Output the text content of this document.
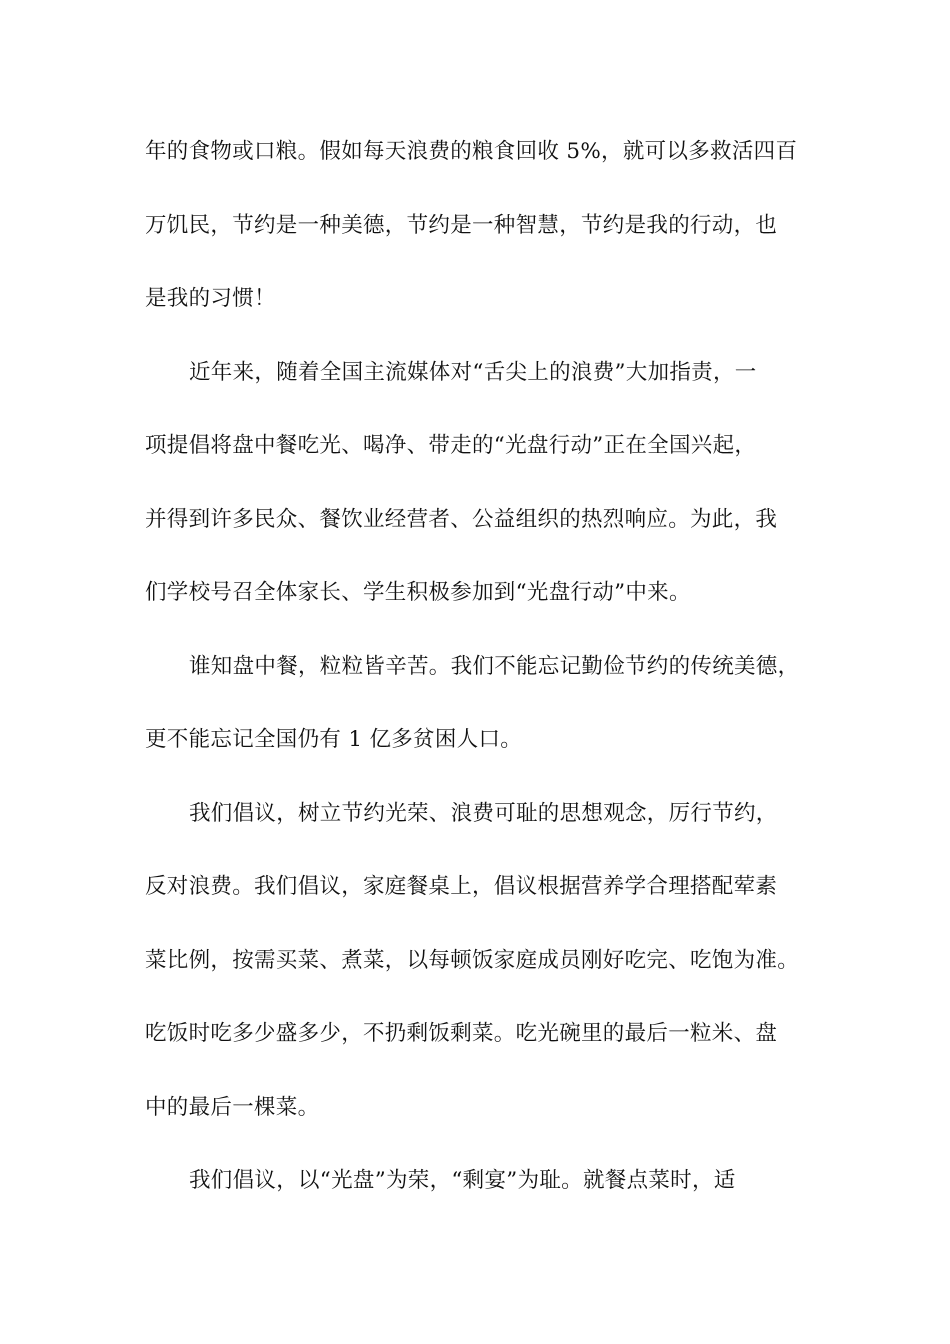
年的食物或口粮。假如每天浪费的粮食回收 5%，就可以多救活四百
万饥民，节约是一种美德，节约是一种智慧，节约是我的行动，也
是我的习惯！
近年来，随着全国主流媒体对“舌尖上的浪费”大加指责，一
项提倡将盘中餐吃光、喝净、带走的“光盘行动”正在全国兴起，
并得到许多民众、餐饮业经营者、公益组织的热烈响应。为此，我
们学校号召全体家长、学生积极参加到“光盘行动”中来。
谁知盘中餐，粒粒皆辛苦。我们不能忘记勤俭节约的传统美德，
更不能忘记全国仍有 1 亿多贫困人口。
我们倡议，树立节约光荣、浪费可耻的思想观念，厉行节约，
反对浪费。我们倡议，家庭餐桌上，倡议根据营养学合理搭配荤素
菜比例，按需买菜、煮菜，以每顿饭家庭成员刚好吃完、吃饱为准。
吃饭时吃多少盛多少，不扔剩饭剩菜。吃光碗里的最后一粒米、盘
中的最后一棵菜。
我们倡议，以“光盘”为荣，“剩宴”为耻。就餐点菜时，适
